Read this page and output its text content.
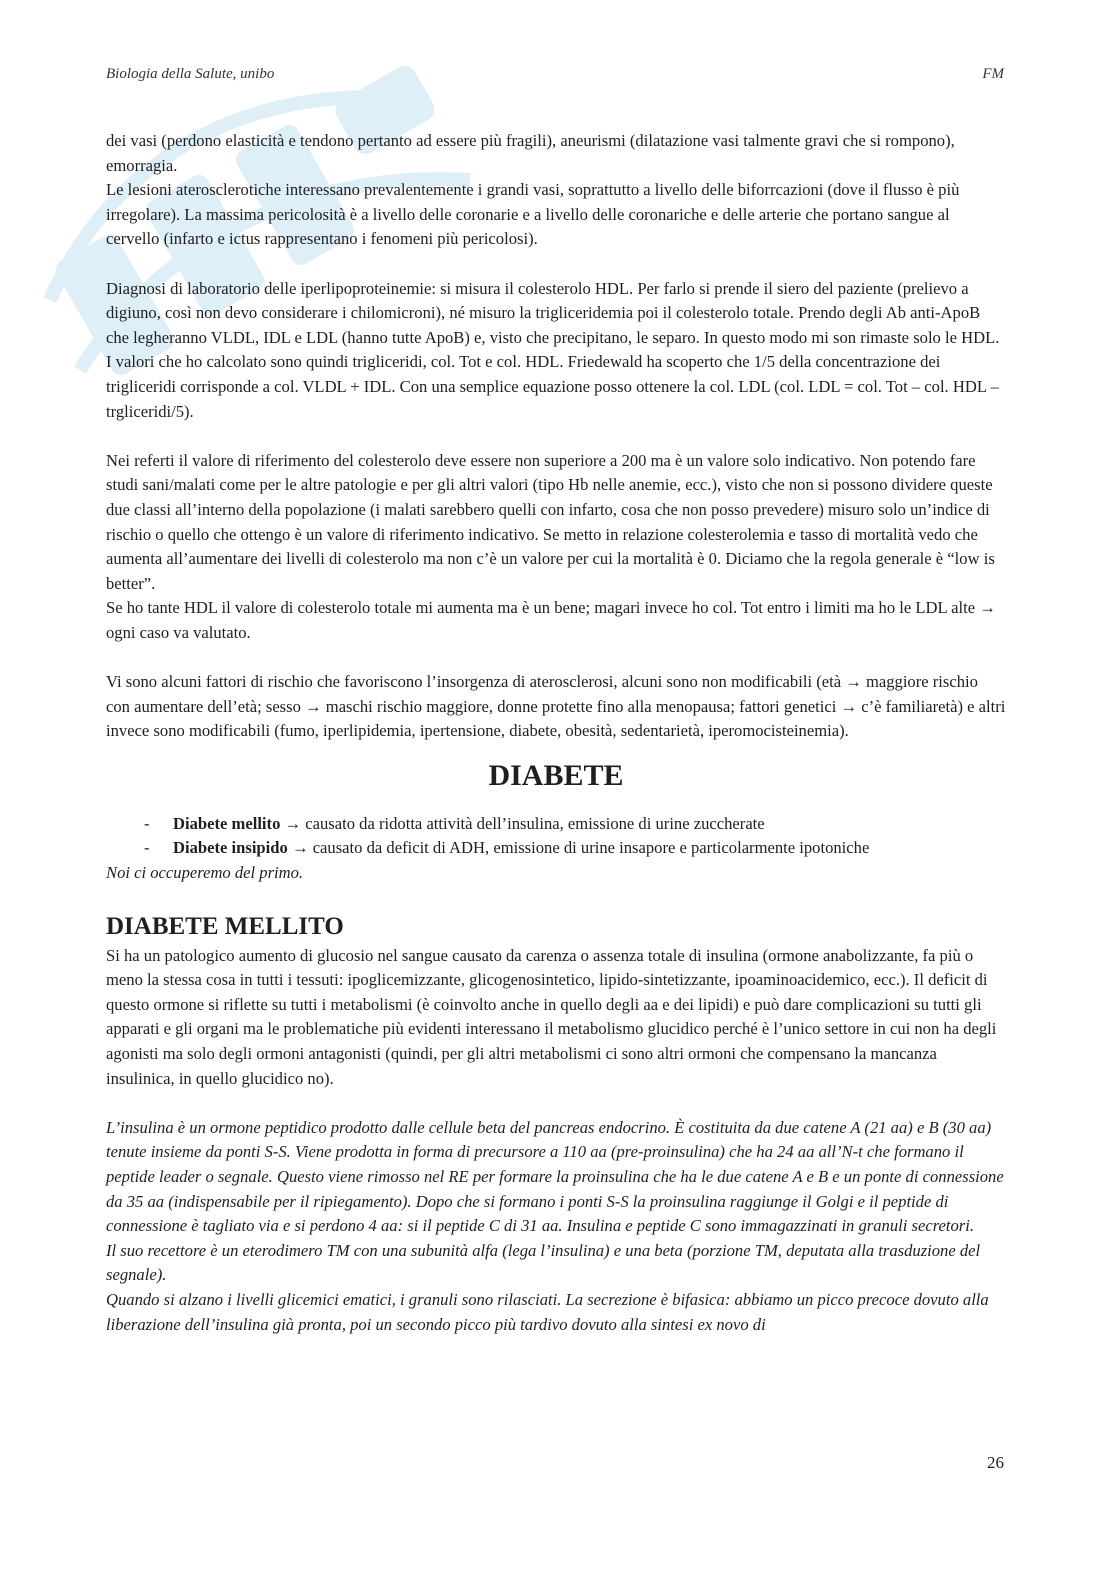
Biologia della Salute, unibo	FM

dei vasi (perdono elasticità e tendono pertanto ad essere più fragili), aneurismi (dilatazione vasi talmente gravi che si rompono), emorragia.

Le lesioni aterosclerotiche interessano prevalentemente i grandi vasi, soprattutto a livello delle biforrcazioni (dove il flusso è più irregolare). La massima pericolosità è a livello delle coronarie e a livello delle coronariche e delle arterie che portano sangue al cervello (infarto e ictus rappresentano i fenomeni più pericolosi).

Diagnosi di laboratorio delle iperlipoproteinemie: si misura il colesterolo HDL. Per farlo si prende il siero del paziente (prelievo a digiuno, così non devo considerare i chilomicroni), né misuro la trigliceridemia poi il colesterolo totale. Prendo degli Ab anti-ApoB che legheranno VLDL, IDL e LDL (hanno tutte ApoB) e, visto che precipitano, le separo. In questo modo mi son rimaste solo le HDL. I valori che ho calcolato sono quindi trigliceridi, col. Tot e col. HDL. Friedewald ha scoperto che 1/5 della concentrazione dei trigliceridi corrisponde a col. VLDL + IDL. Con una semplice equazione posso ottenere la col. LDL (col. LDL = col. Tot – col. HDL – trgliceridi/5).

Nei referti il valore di riferimento del colesterolo deve essere non superiore a 200 ma è un valore solo indicativo. Non potendo fare studi sani/malati come per le altre patologie e per gli altri valori (tipo Hb nelle anemie, ecc.), visto che non si possono dividere queste due classi all’interno della popolazione (i malati sarebbero quelli con infarto, cosa che non posso prevedere) misuro solo un’indice di rischio o quello che ottengo è un valore di riferimento indicativo. Se metto in relazione colesterolemia e tasso di mortalità vedo che aumenta all’aumentare dei livelli di colesterolo ma non c’è un valore per cui la mortalità è 0. Diciamo che la regola generale è “low is better”.

Se ho tante HDL il valore di colesterolo totale mi aumenta ma è un bene; magari invece ho col. Tot entro i limiti ma ho le LDL alte → ogni caso va valutato.

Vi sono alcuni fattori di rischio che favoriscono l’insorgenza di aterosclerosi, alcuni sono non modificabili (età → maggiore rischio con aumentare dell’età; sesso → maschi rischio maggiore, donne protette fino alla menopausa; fattori genetici → c’è familiaretà) e altri invece sono modificabili (fumo, iperlipidemia, ipertensione, diabete, obesità, sedentarietà, iperomocisteinemia).

DIABETE
- Diabete mellito → causato da ridotta attività dell’insulina, emissione di urine zuccherate
- Diabete insipido → causato da deficit di ADH, emissione di urine insapore e particolarmente ipotoniche

Noi ci occuperemo del primo.

DIABETE MELLITO

Si ha un patologico aumento di glucosio nel sangue causato da carenza o assenza totale di insulina (ormone anabolizzante, fa più o meno la stessa cosa in tutti i tessuti: ipoglicemizzante, glicogenosintetico, lipido-sintetizzante, ipoaminoacidemico, ecc.). Il deficit di questo ormone si riflette su tutti i metabolismi (è coinvolto anche in quello degli aa e dei lipidi) e può dare complicazioni su tutti gli apparati e gli organi ma le problematiche più evidenti interessano il metabolismo glucidico perché è l’unico settore in cui non ha degli agonisti ma solo degli ormoni antagonisti (quindi, per gli altri metabolismi ci sono altri ormoni che compensano la mancanza insulinica, in quello glucidico no).

L’insulina è un ormone peptidico prodotto dalle cellule beta del pancreas endocrino. È costituita da due catene A (21 aa) e B (30 aa) tenute insieme da ponti S-S. Viene prodotta in forma di precursore a 110 aa (pre-proinsulina) che ha 24 aa all’N-t che formano il peptide leader o segnale. Questo viene rimosso nel RE per formare la proinsulina che ha le due catene A e B e un ponte di connessione da 35 aa (indispensabile per il ripiegamento). Dopo che si formano i ponti S-S la proinsulina raggiunge il Golgi e il peptide di connessione è tagliato via e si perdono 4 aa: si il peptide C di 31 aa. Insulina e peptide C sono immagazzinati in granuli secretori.

Il suo recettore è un eterodimero TM con una subunità alfa (lega l’insulina) e una beta (porzione TM, deputata alla trasduzione del segnale).

Quando si alzano i livelli glicemici ematici, i granuli sono rilasciati. La secrezione è bifasica: abbiamo un picco precoce dovuto alla liberazione dell’insulina già pronta, poi un secondo picco più tardivo dovuto alla sintesi ex novo di

26
